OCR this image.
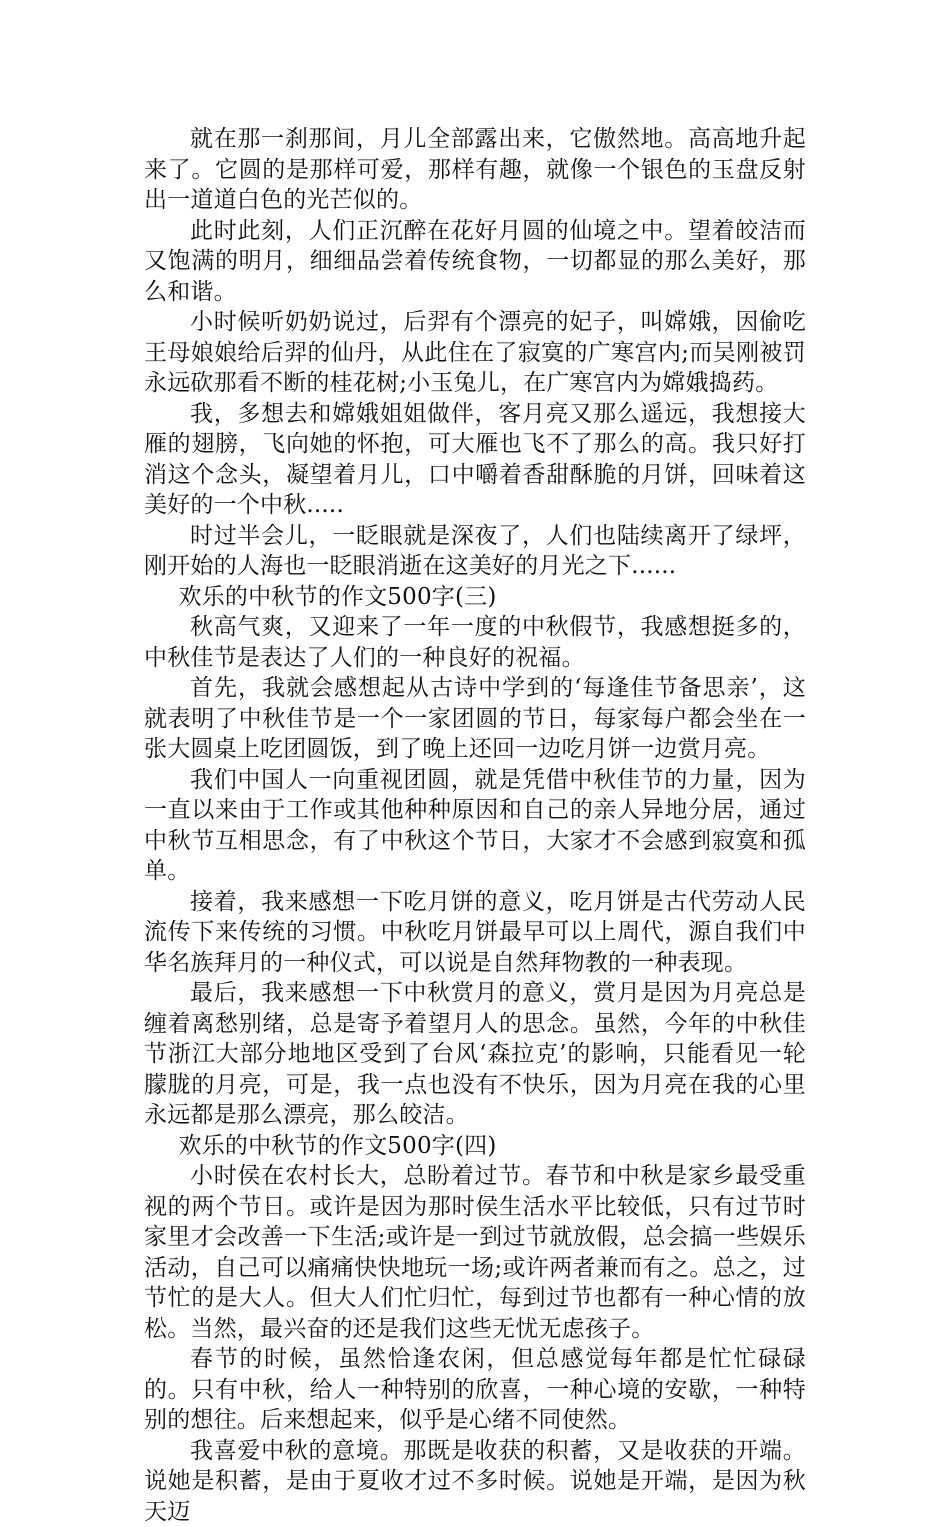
就在那一刹那间，月儿全部露出来，它傲然地。高高地升起来了。它圆的是那样可爱，那样有趣，就像一个银色的玉盘反射出一道道白色的光芒似的。

此时此刻，人们正沉醉在花好月圆的仙境之中。望着皎洁而又饱满的明月，细细品尝着传统食物，一切都显的那么美好，那么和谐。

小时候听奶奶说过，后羿有个漂亮的妃子，叫嫦娥，因偷吃王母娘娘给后羿的仙丹，从此住在了寂寞的广寒宫内;而吴刚被罚永远砍那看不断的桂花树;小玉兔儿，在广寒宫内为嫦娥捣药。

我，多想去和嫦娥姐姐做伴，客月亮又那么遥远，我想接大雁的翅膀，飞向她的怀抱，可大雁也飞不了那么的高。我只好打消这个念头，凝望着月儿，口中嚼着香甜酥脆的月饼，回味着这美好的一个中秋.....

时过半会儿，一眨眼就是深夜了，人们也陆续离开了绿坪，刚开始的人海也一眨眼消逝在这美好的月光之下......

欢乐的中秋节的作文500字(三)

秋高气爽，又迎来了一年一度的中秋假节，我感想挺多的，中秋佳节是表达了人们的一种良好的祝福。

首先，我就会感想起从古诗中学到的‘每逢佳节备思亲’，这就表明了中秋佳节是一个一家团圆的节日，每家每户都会坐在一张大圆桌上吃团圆饭，到了晚上还回一边吃月饼一边赏月亮。

我们中国人一向重视团圆，就是凭借中秋佳节的力量，因为一直以来由于工作或其他种种原因和自己的亲人异地分居，通过中秋节互相思念，有了中秋这个节日，大家才不会感到寂寞和孤单。

接着，我来感想一下吃月饼的意义，吃月饼是古代劳动人民流传下来传统的习惯。中秋吃月饼最早可以上周代，源自我们中华名族拜月的一种仪式，可以说是自然拜物教的一种表现。

最后，我来感想一下中秋赏月的意义，赏月是因为月亮总是缠着离愁别绪，总是寄予着望月人的思念。虽然，今年的中秋佳节浙江大部分地地区受到了台风‘森拉克’的影响，只能看见一轮朦胧的月亮，可是，我一点也没有不快乐，因为月亮在我的心里永远都是那么漂亮，那么皎洁。

欢乐的中秋节的作文500字(四)

小时侯在农村长大，总盼着过节。春节和中秋是家乡最受重视的两个节日。或许是因为那时侯生活水平比较低，只有过节时家里才会改善一下生活;或许是一到过节就放假，总会搞一些娱乐活动，自己可以痛痛快快地玩一场;或许两者兼而有之。总之，过节忙的是大人。但大人们忙归忙，每到过节也都有一种心情的放松。当然，最兴奋的还是我们这些无忧无虑孩子。

春节的时候，虽然恰逢农闲，但总感觉每年都是忙忙碌碌的。只有中秋，给人一种特别的欣喜，一种心境的安歇，一种特别的想往。后来想起来，似乎是心绪不同使然。

我喜爱中秋的意境。那既是收获的积蓄，又是收获的开端。说她是积蓄，是由于夏收才过不多时候。说她是开端，是因为秋天迈
